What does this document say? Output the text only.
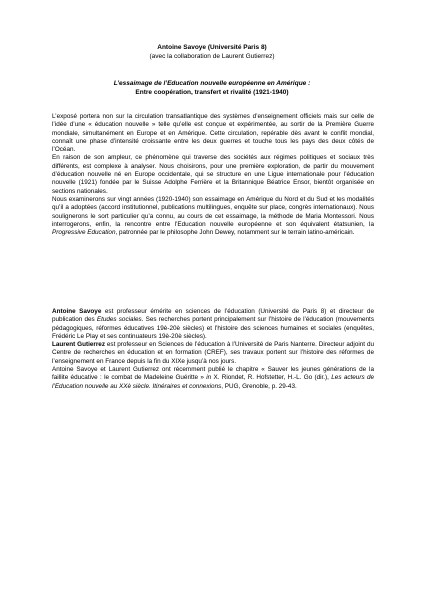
Antoine Savoye (Université Paris 8)
(avec la collaboration de Laurent Gutierrez)
L’essaimage de l’Education nouvelle européenne en Amérique :
Entre coopération, transfert et rivalité (1921-1940)

L’exposé portera non sur la circulation transatlantique des systèmes d’enseignement officiels mais sur celle de l’idée d’une « éducation nouvelle » telle qu’elle est conçue et expérimentée, au sortir de la Première Guerre mondiale, simultanément en Europe et en Amérique. Cette circulation, repérable dès avant le conflit mondial, connaît une phase d’intensité croissante entre les deux guerres et touche tous les pays des deux côtés de l’Océan.

En raison de son ampleur, ce phénomène qui traverse des sociétés aux régimes politiques et sociaux très différents, est complexe à analyser. Nous choisirons, pour une première exploration, de partir du mouvement d’éducation nouvelle né en Europe occidentale, qui se structure en une Ligue internationale pour l’éducation nouvelle (1921) fondée par le Suisse Adolphe Ferrière et la Britannique Béatrice Ensor, bientôt organisée en sections nationales.

Nous examinerons sur vingt années (1920-1940) son essaimage en Amérique du Nord et du Sud et les modalités qu’il a adoptées (accord institutionnel, publications multilingues, enquête sur place, congrès internationaux). Nous soulignerons le sort particulier qu’a connu, au cours de cet essaimage, la méthode de Maria Montessori. Nous interrogerons, enfin, la rencontre entre l’Education nouvelle européenne et son équivalent étatsunien, la Progressive Education, patronnée par le philosophe John Dewey, notamment sur le terrain latino-américain.

Antoine Savoye est professeur émérite en sciences de l’éducation (Université de Paris 8) et directeur de publication des Etudes sociales. Ses recherches portent principalement sur l’histoire de l’éducation (mouvements pédagogiques, réformes éducatives 19è-20è siècles) et l’histoire des sciences humaines et sociales (enquêtes, Frédéric Le Play et ses continuateurs 19è-20è siècles).

Laurent Gutierrez est professeur en Sciences de l’éducation à l’Université de Paris Nanterre. Directeur adjoint du Centre de recherches en éducation et en formation (CREF), ses travaux portent sur l’histoire des réformes de l’enseignement en France depuis la fin du XIXe jusqu’à nos jours.

Antoine Savoye et Laurent Gutierrez ont récemment publié le chapitre « Sauver les jeunes générations de la faillite éducative : le combat de Madeleine Guéritte » in X. Riondet, R. Hofstetter, H.-L. Go (dir.), Les acteurs de l’Education nouvelle au XXè siècle. Itinéraires et connexions, PUG, Grenoble, p. 29-43.
